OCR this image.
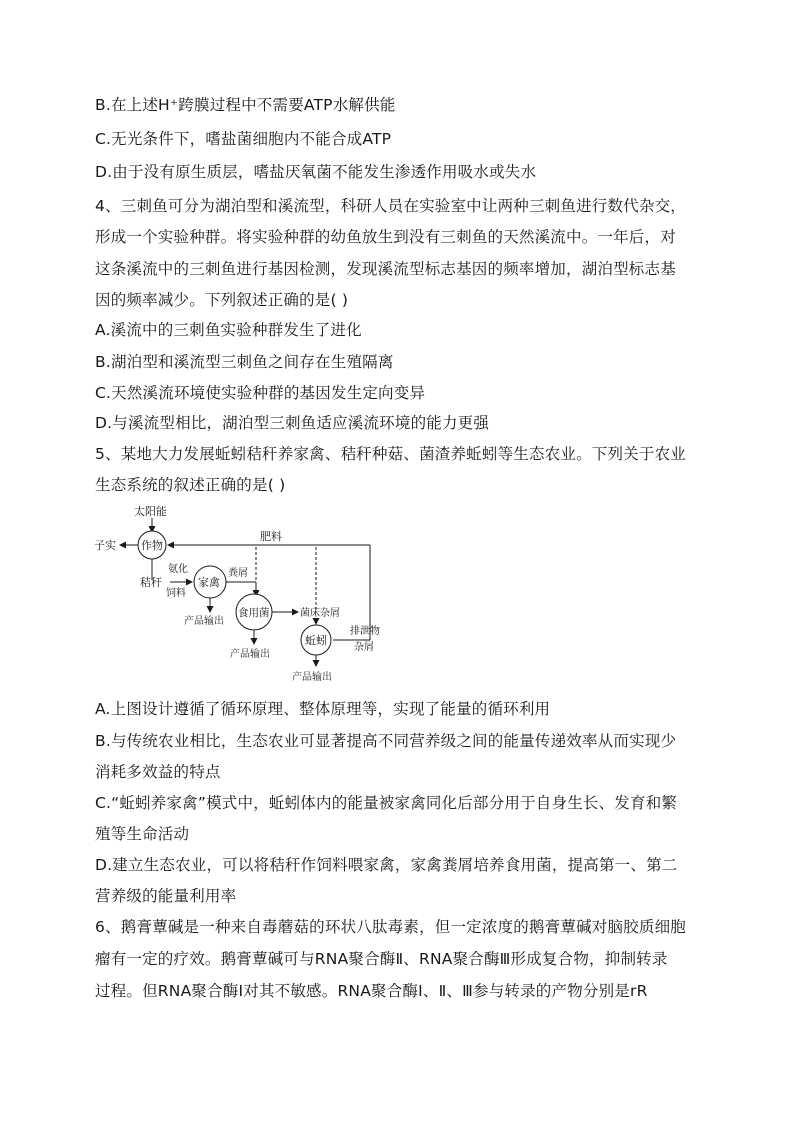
B.在上述H⁺跨膜过程中不需要ATP水解供能
C.无光条件下，嗜盐菌细胞内不能合成ATP
D.由于没有原生质层，嗜盐厌氧菌不能发生渗透作用吸水或失水
4、三刺鱼可分为湖泊型和溪流型，科研人员在实验室中让两种三刺鱼进行数代杂交，
形成一个实验种群。将实验种群的幼鱼放生到没有三刺鱼的天然溪流中。一年后，对
这条溪流中的三刺鱼进行基因检测，发现溪流型标志基因的频率增加，湖泊型标志基
因的频率减少。下列叙述正确的是( )
A.溪流中的三刺鱼实验种群发生了进化
B.湖泊型和溪流型三刺鱼之间存在生殖隔离
C.天然溪流环境使实验种群的基因发生定向变异
D.与溪流型相比，湖泊型三刺鱼适应溪流环境的能力更强
5、某地大力发展蚯蚓秸秆养家禽、秸秆种菇、菌渣养蚯蚓等生态农业。下列关于农业
生态系统的叙述正确的是( )
太阳能
作物
子实
肥料
秸秆
氨化
饲料
家禽
粪屑
产品输出
食用菌	菌床杂屑
产品输出
蚯蚓
排泄物
杂屑
产品输出
A.上图设计遵循了循环原理、整体原理等，实现了能量的循环利用
B.与传统农业相比，生态农业可显著提高不同营养级之间的能量传递效率从而实现少
消耗多效益的特点
C.“蚯蚓养家禽”模式中，蚯蚓体内的能量被家禽同化后部分用于自身生长、发育和繁
殖等生命活动
D.建立生态农业，可以将秸秆作饲料喂家禽，家禽粪屑培养食用菌，提高第一、第二
营养级的能量利用率
6、鹅膏蕈碱是一种来自毒蘑菇的环状八肽毒素，但一定浓度的鹅膏蕈碱对脑胶质细胞
瘤有一定的疗效。鹅膏蕈碱可与RNA聚合酶Ⅱ、RNA聚合酶Ⅲ形成复合物，抑制转录
过程。但RNA聚合酶Ⅰ对其不敏感。RNA聚合酶Ⅰ、Ⅱ、Ⅲ参与转录的产物分别是rR
